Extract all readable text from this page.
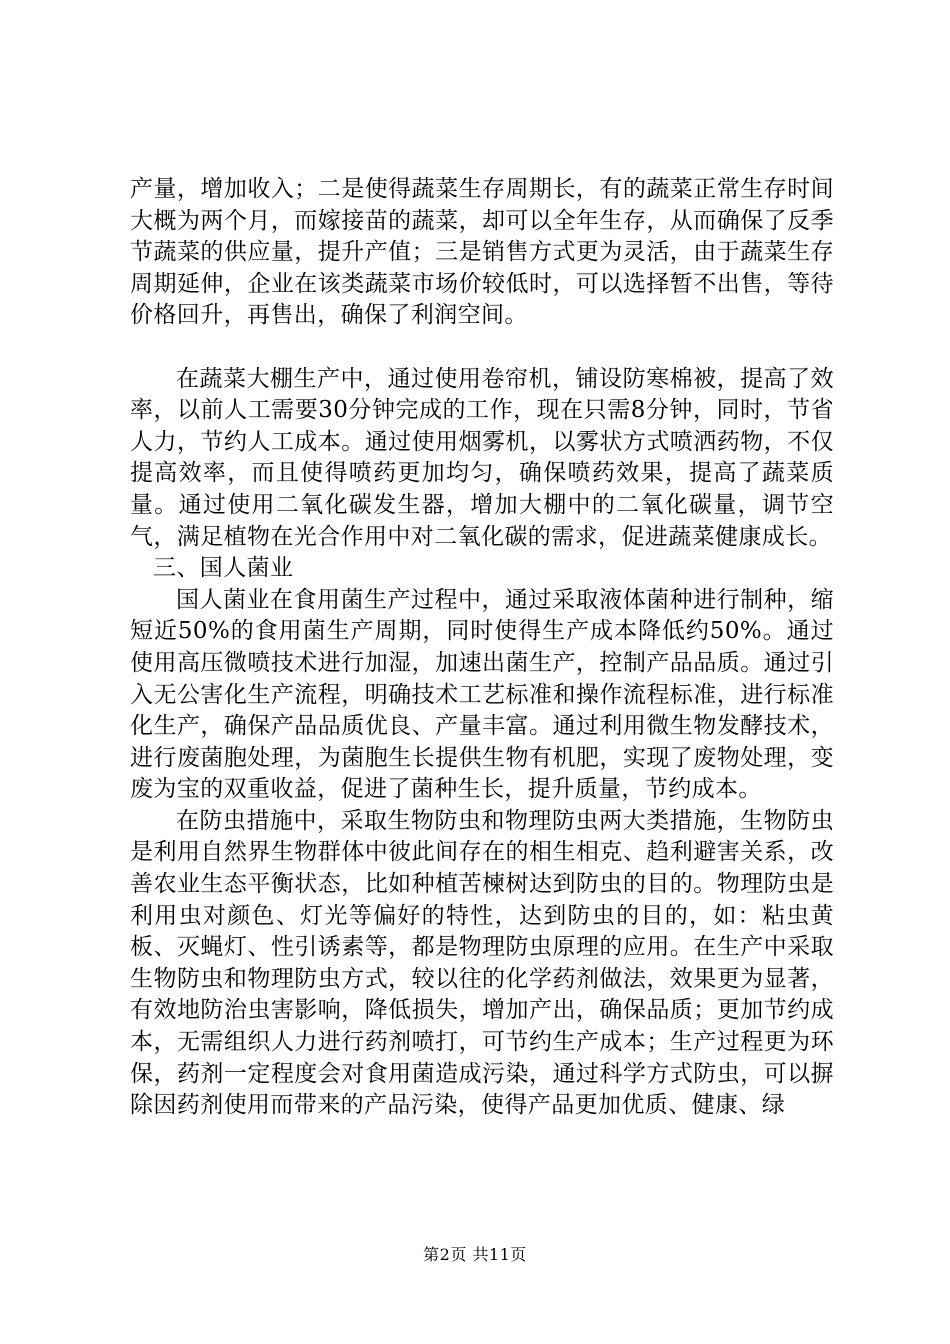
产量，增加收入；二是使得蔬菜生存周期长，有的蔬菜正常生存时间大概为两个月，而嫁接苗的蔬菜，却可以全年生存，从而确保了反季节蔬菜的供应量，提升产值；三是销售方式更为灵活，由于蔬菜生存周期延伸，企业在该类蔬菜市场价较低时，可以选择暂不出售，等待价格回升，再售出，确保了利润空间。

在蔬菜大棚生产中，通过使用卷帘机，铺设防寒棉被，提高了效率，以前人工需要30分钟完成的工作，现在只需8分钟，同时，节省人力，节约人工成本。通过使用烟雾机，以雾状方式喷洒药物，不仅提高效率，而且使得喷药更加均匀，确保喷药效果，提高了蔬菜质量。通过使用二氧化碳发生器，增加大棚中的二氧化碳量，调节空气，满足植物在光合作用中对二氧化碳的需求，促进蔬菜健康成长。

三、国人菌业

国人菌业在食用菌生产过程中，通过采取液体菌种进行制种，缩短近50%的食用菌生产周期，同时使得生产成本降低约50%。通过使用高压微喷技术进行加湿，加速出菌生产，控制产品品质。通过引入无公害化生产流程，明确技术工艺标准和操作流程标准，进行标准化生产，确保产品品质优良、产量丰富。通过利用微生物发酵技术，进行废菌胞处理，为菌胞生长提供生物有机肥，实现了废物处理，变废为宝的双重收益，促进了菌种生长，提升质量，节约成本。

在防虫措施中，采取生物防虫和物理防虫两大类措施，生物防虫是利用自然界生物群体中彼此间存在的相生相克、趋利避害关系，改善农业生态平衡状态，比如种植苦楝树达到防虫的目的。物理防虫是利用虫对颜色、灯光等偏好的特性，达到防虫的目的，如：粘虫黄板、灭蝇灯、性引诱素等，都是物理防虫原理的应用。在生产中采取生物防虫和物理防虫方式，较以往的化学药剂做法，效果更为显著，有效地防治虫害影响，降低损失，增加产出，确保品质；更加节约成本，无需组织人力进行药剂喷打，可节约生产成本；生产过程更为环保，药剂一定程度会对食用菌造成污染，通过科学方式防虫，可以摒除因药剂使用而带来的产品污染，使得产品更加优质、健康、绿

第2页 共11页
